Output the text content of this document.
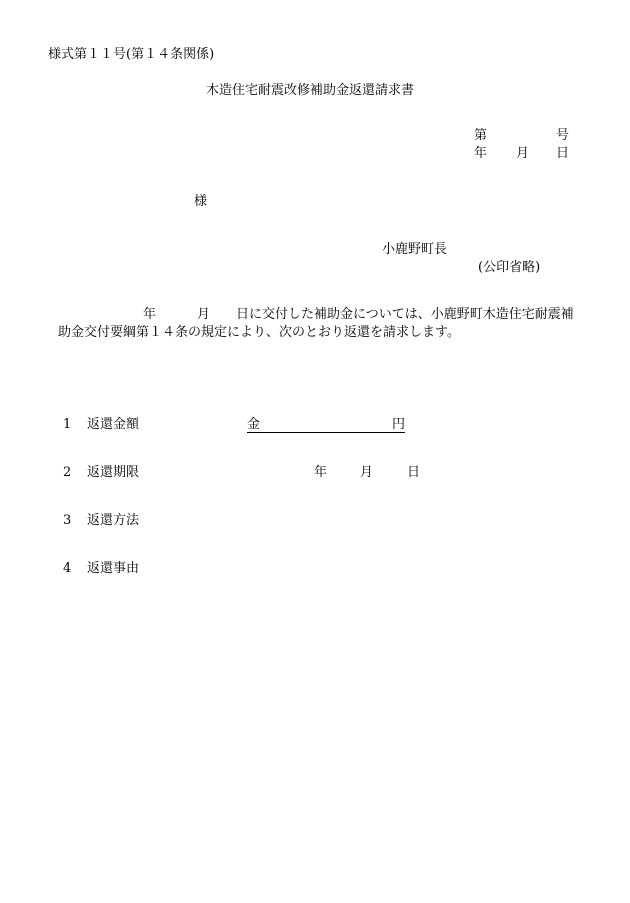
様式第１１号(第１４条関係)
木造住宅耐震改修補助金返還請求書
第	号
年 月 日
様
小鹿野町長
(公印省略)
年	月 日に交付した補助金については、小鹿野町木造住宅耐震補
助金交付要綱第１４条の規定により、次のとおり返還を請求します。
1 返還金額	金	円
2 返還期限	年	月	日
3 返還方法
4 返還事由
